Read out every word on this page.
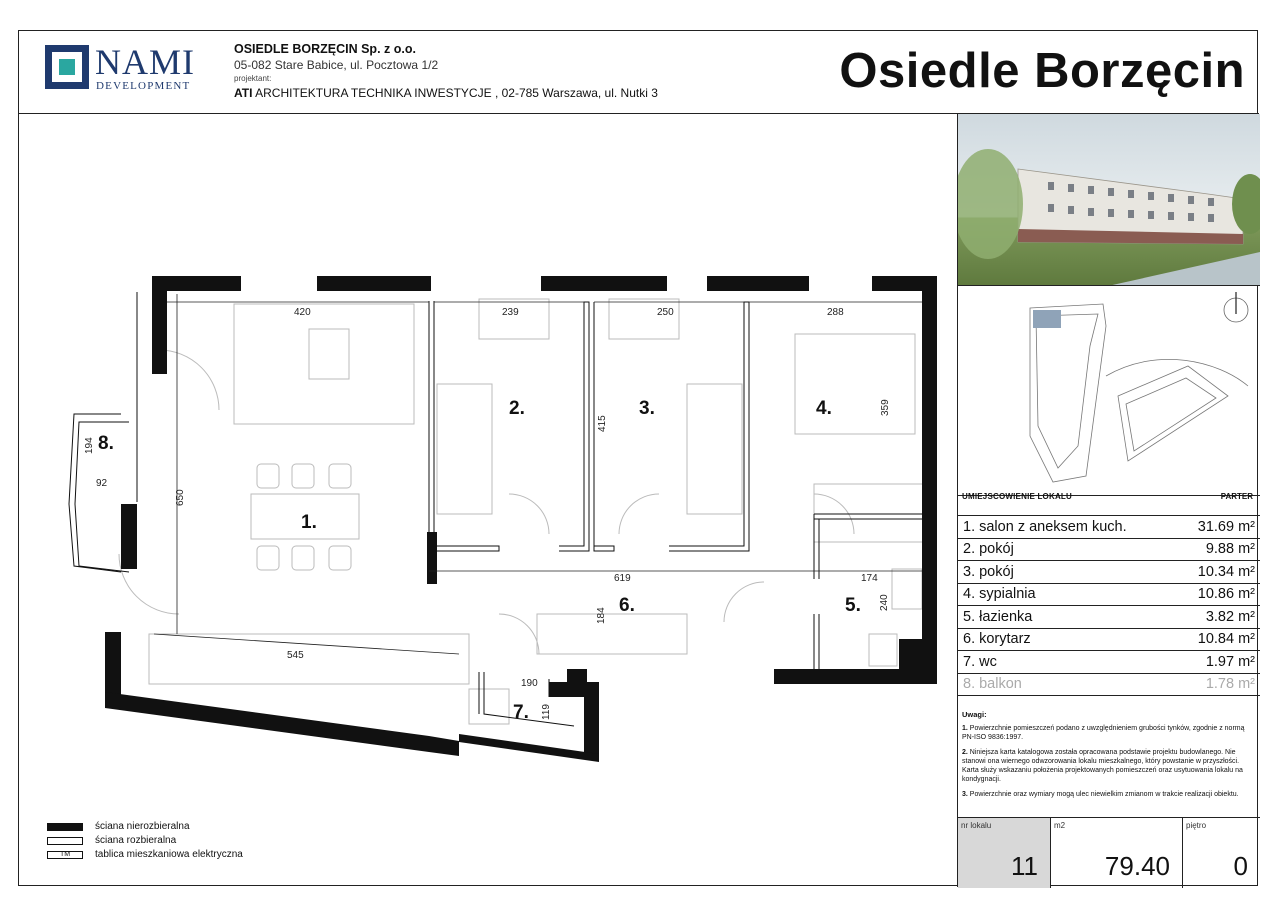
NAMI
DEVELOPMENT
OSIEDLE BORZĘCIN Sp. z o.o.
05-082 Stare Babice, ul. Pocztowa 1/2
projektant:
ATI ARCHITEKTURA TECHNIKA INWESTYCJE , 02-785 Warszawa, ul. Nutki 3	Osiedle Borzęcin
1.
2.	3.	4.
5.
6.
7.
8.
420	239	250	288
619	174
545
190
92
650
415
359
184
240
119
194
ściana nierozbieralna
ściana rozbieralna
TM	tablica mieszkaniowa elektryczna
UMIEJSCOWIENIE LOKALU	PARTER
1. salon z aneksem kuch.	31.69 m²
2. pokój	9.88 m²
3. pokój	10.34 m²
4. sypialnia	10.86 m²
5. łazienka	3.82 m²
6. korytarz	10.84 m²
7. wc	1.97 m²
8. balkon	1.78 m²
Uwagi:

1. Powierzchnie pomieszczeń podano z uwzględnieniem grubości tynków, zgodnie z normą PN-ISO 9836:1997.

2. Niniejsza karta katalogowa została opracowana podstawie projektu budowlanego. Nie stanowi ona wiernego odwzorowania lokalu mieszkalnego, który powstanie w przyszłości. Karta służy wskazaniu położenia projektowanych pomieszczeń oraz usytuowania lokalu na kondygnacji.

3. Powierzchnie oraz wymiary mogą ulec niewielkim zmianom w trakcie realizacji obiektu.

nr lokalu
11
m2
79.40
piętro
0
